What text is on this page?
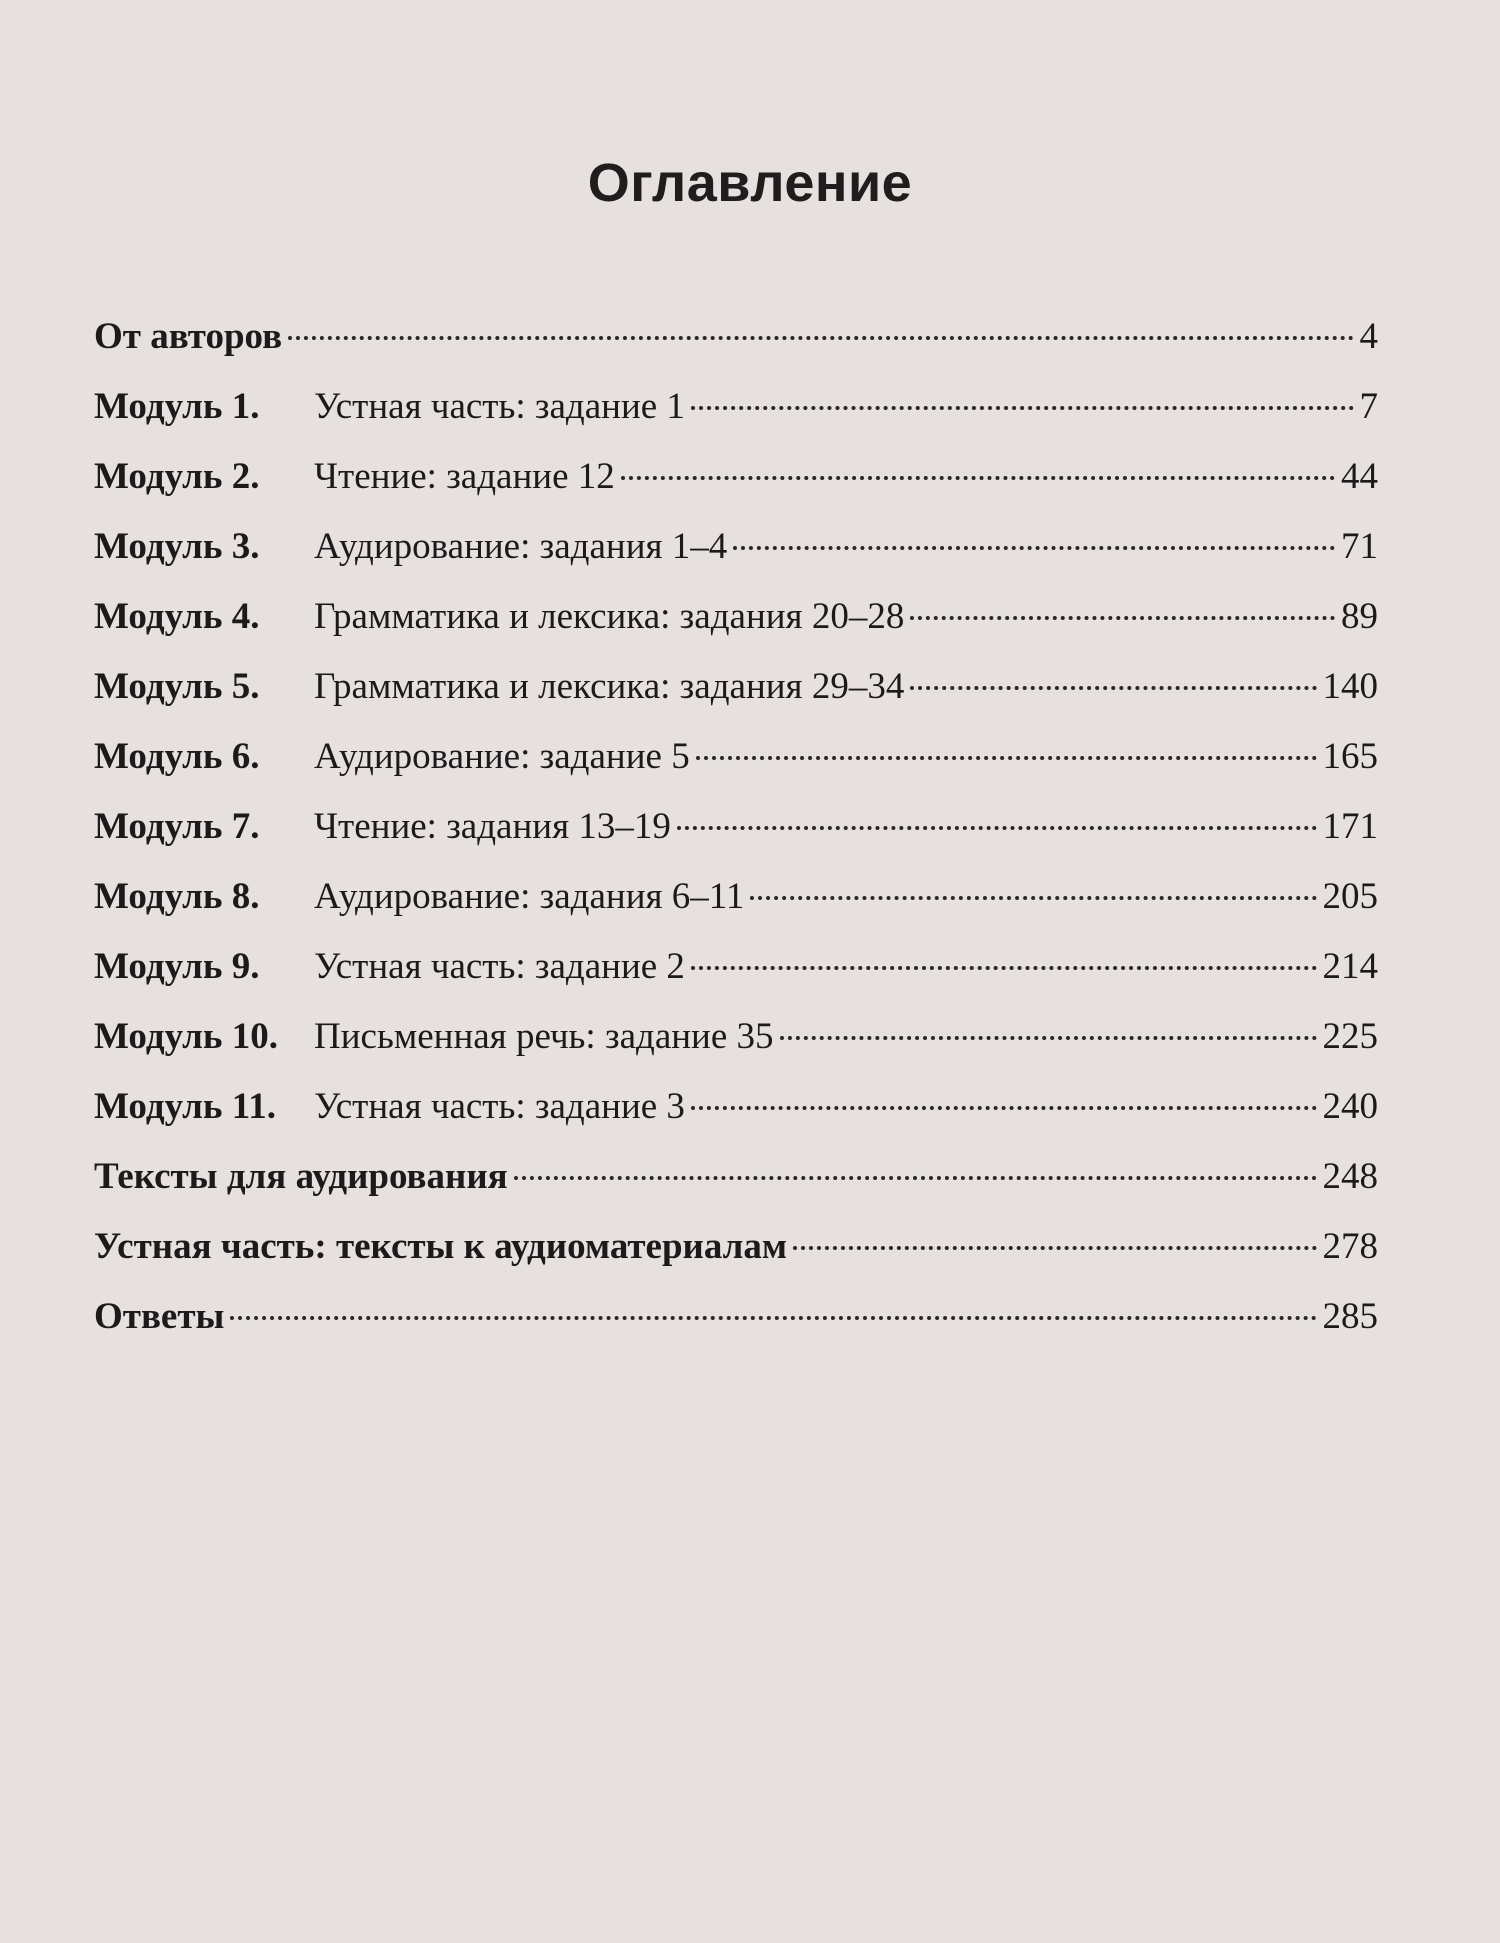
Оглавление
От авторов	4
Модуль 1.	Устная часть: задание 1	7
Модуль 2.	Чтение: задание 12	44
Модуль 3.	Аудирование: задания 1–4	71
Модуль 4.	Грамматика и лексика: задания 20–28	89
Модуль 5.	Грамматика и лексика: задания 29–34	140
Модуль 6.	Аудирование: задание 5	165
Модуль 7.	Чтение: задания 13–19	171
Модуль 8.	Аудирование: задания 6–11	205
Модуль 9.	Устная часть: задание 2	214
Модуль 10. Письменная речь: задание 35	225
Модуль 11.	Устная часть: задание 3	240
Тексты для аудирования	248
Устная часть: тексты к аудиоматериалам	278
Ответы	285
